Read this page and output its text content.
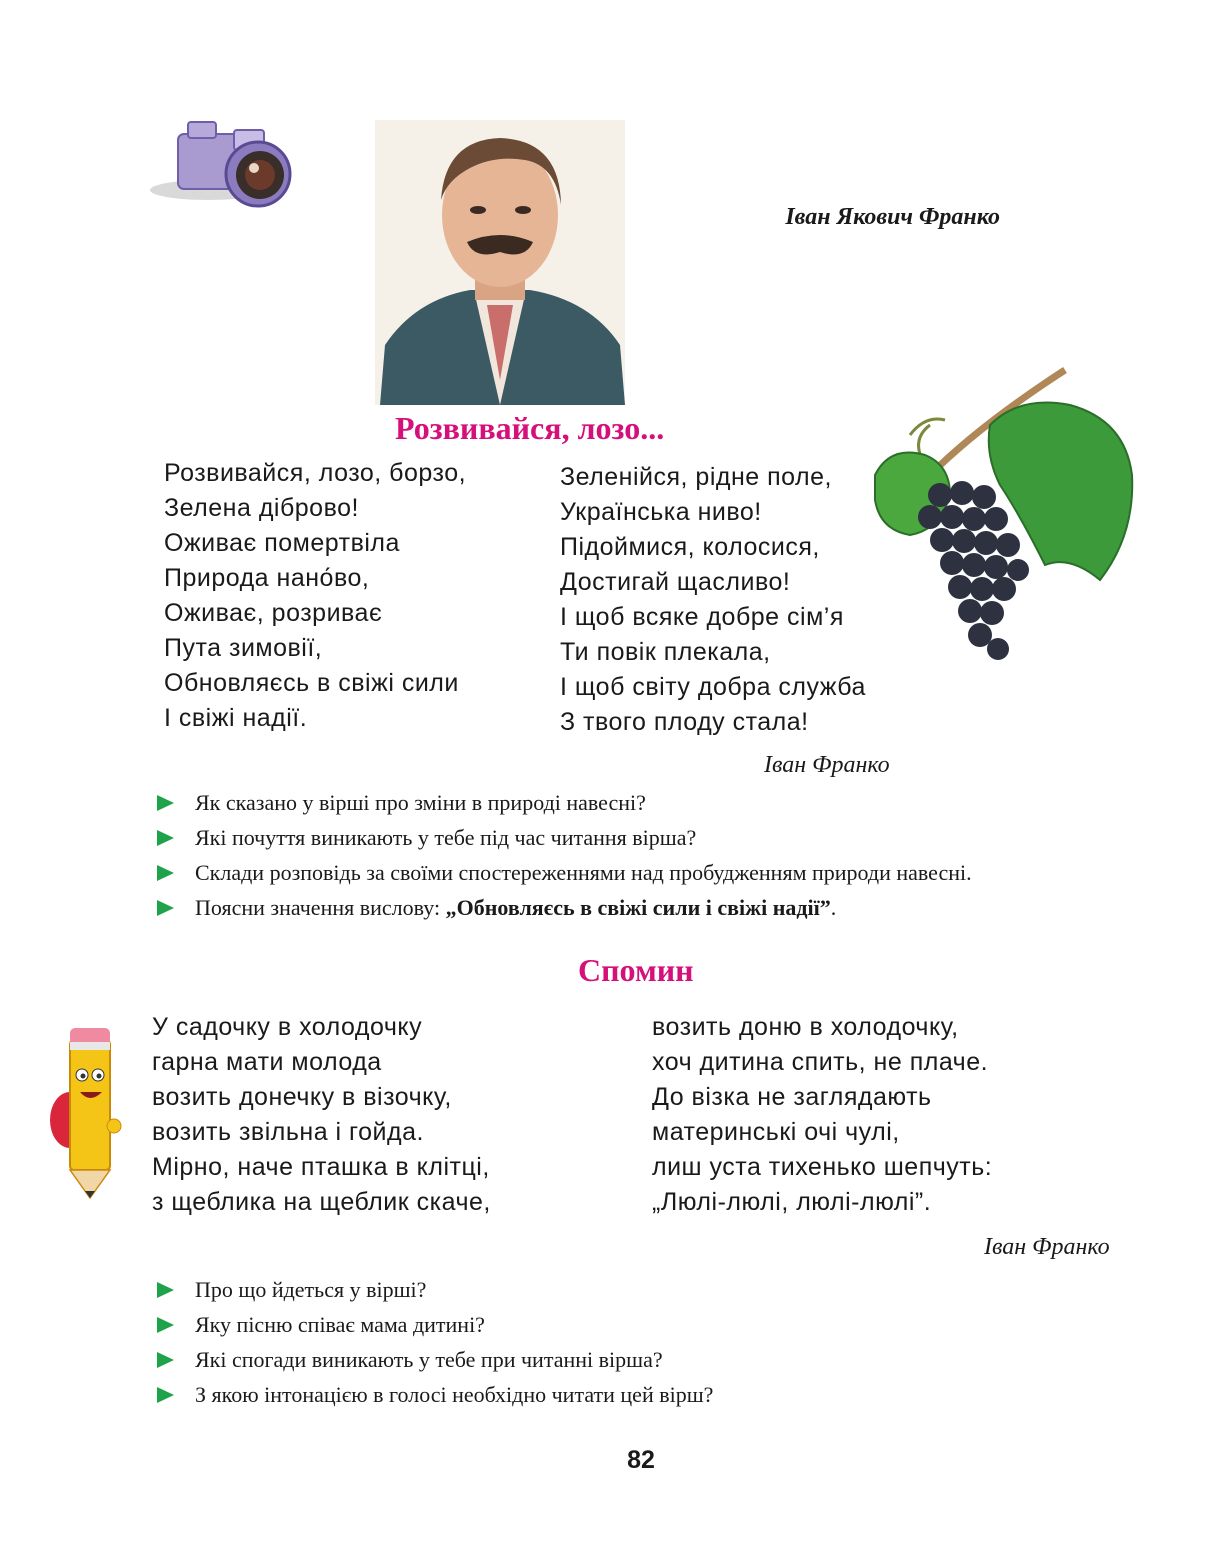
Іван Якович Франко
Розвивайся, лозо...
Розвивайся, лозо, борзо,
Зелена діброво!
Оживає помертвіла
Природа нано́во,
Оживає, розриває
Пута зимовії,
Обновляєсь в свіжі сили
І свіжі надії.
Зеленійся, рідне поле,
Українська ниво!
Підоймися, колосися,
Достигай щасливо!
І щоб всяке добре сім’я
Ти повік плекала,
І щоб світу добра служба
З твого плоду стала!
Іван Франко
Як сказано у вірші про зміни в природі навесні?
Які почуття виникають у тебе під час читання вірша?
Склади розповідь за своїми спостереженнями над пробудженням природи навесні.
Поясни значення вислову: „Обновляєсь в свіжі сили і свіжі надії”.
Спомин
У садочку в холодочку
гарна мати молода
возить донечку в візочку,
возить звільна і гойда.
Мірно, наче пташка в клітці,
з щеблика на щеблик скаче,
возить доню в холодочку,
хоч дитина спить, не плаче.
До візка не заглядають
материнські очі чулі,
лиш уста тихенько шепчуть:
„Люлі-люлі, люлі-люлі”.
Іван Франко
Про що йдеться у вірші?
Яку пісню співає мама дитині?
Які спогади виникають у тебе при читанні вірша?
З якою інтонацією в голосі необхідно читати цей вірш?
82
